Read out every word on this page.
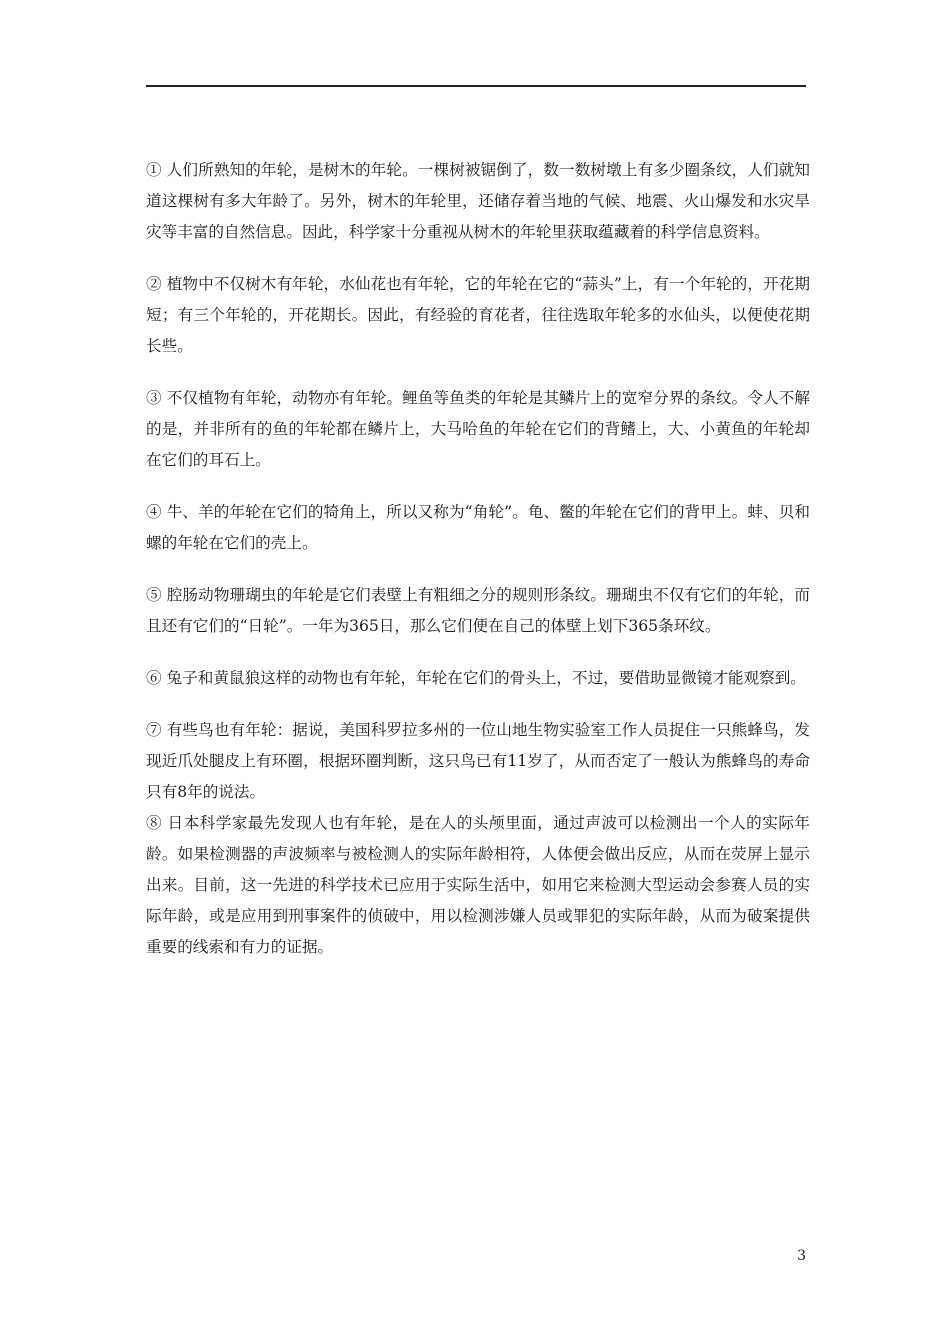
① 人们所熟知的年轮，是树木的年轮。一棵树被锯倒了，数一数树墩上有多少圈条纹，人们就知道这棵树有多大年龄了。另外，树木的年轮里，还储存着当地的气候、地震、火山爆发和水灾旱灾等丰富的自然信息。因此，科学家十分重视从树木的年轮里获取蕴藏着的科学信息资料。

② 植物中不仅树木有年轮，水仙花也有年轮，它的年轮在它的“蒜头”上，有一个年轮的，开花期短；有三个年轮的，开花期长。因此，有经验的育花者，往往选取年轮多的水仙头，以便使花期长些。

③ 不仅植物有年轮，动物亦有年轮。鲤鱼等鱼类的年轮是其鳞片上的宽窄分界的条纹。令人不解的是，并非所有的鱼的年轮都在鳞片上，大马哈鱼的年轮在它们的背鳍上，大、小黄鱼的年轮却在它们的耳石上。

④ 牛、羊的年轮在它们的犄角上，所以又称为“角轮”。龟、鳖的年轮在它们的背甲上。蚌、贝和螺的年轮在它们的壳上。

⑤ 腔肠动物珊瑚虫的年轮是它们表壁上有粗细之分的规则形条纹。珊瑚虫不仅有它们的年轮，而且还有它们的“日轮”。一年为365日，那么它们便在自己的体壁上划下365条环纹。

⑥ 兔子和黄鼠狼这样的动物也有年轮，年轮在它们的骨头上，不过，要借助显微镜才能观察到。

⑦ 有些鸟也有年轮：据说，美国科罗拉多州的一位山地生物实验室工作人员捉住一只熊蜂鸟，发现近爪处腿皮上有环圈，根据环圈判断，这只鸟已有11岁了，从而否定了一般认为熊蜂鸟的寿命只有8年的说法。

⑧ 日本科学家最先发现人也有年轮，是在人的头颅里面，通过声波可以检测出一个人的实际年龄。如果检测器的声波频率与被检测人的实际年龄相符，人体便会做出反应，从而在荧屏上显示出来。目前，这一先进的科学技术已应用于实际生活中，如用它来检测大型运动会参赛人员的实际年龄，或是应用到刑事案件的侦破中，用以检测涉嫌人员或罪犯的实际年龄，从而为破案提供重要的线索和有力的证据。

3
